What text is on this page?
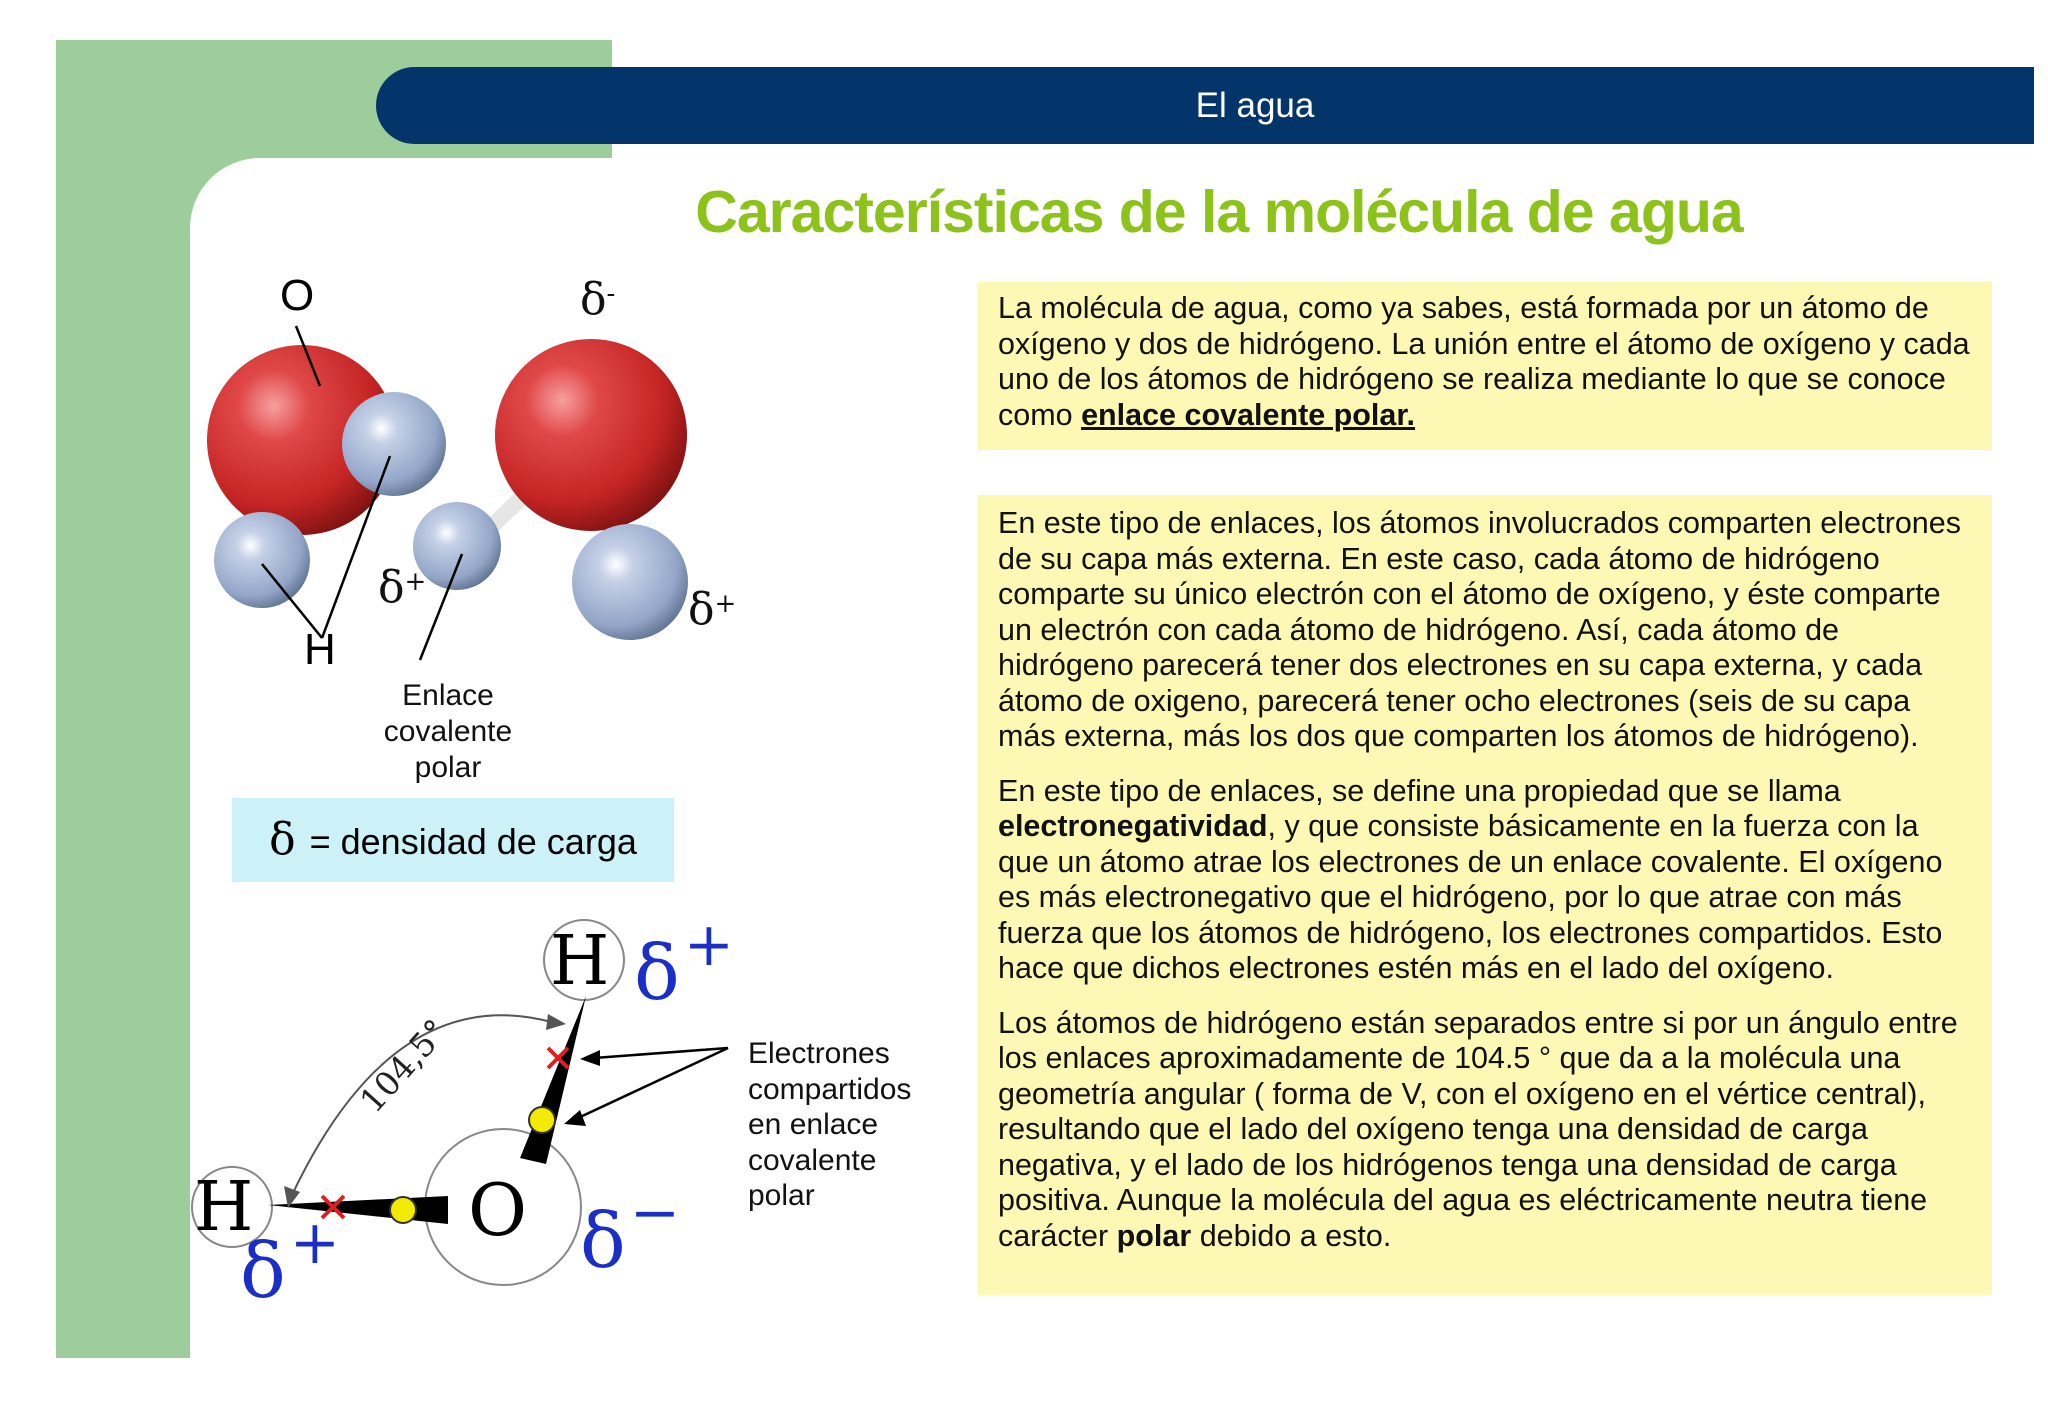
El agua
Características de la molécula de agua
La molécula de agua, como ya sabes, está formada por un átomo de oxígeno y dos de hidrógeno. La unión entre el átomo de oxígeno y cada uno de los átomos de hidrógeno se realiza mediante lo que se conoce como enlace covalente polar.

En este tipo de enlaces, los átomos involucrados comparten electrones de su capa más externa. En este caso, cada átomo de hidrógeno comparte su único electrón con el átomo de oxígeno, y éste comparte un electrón con cada átomo de hidrógeno. Así, cada átomo de hidrógeno parecerá tener dos electrones en su capa externa, y cada átomo de oxigeno, parecerá tener ocho electrones (seis de su capa más externa, más los dos que comparten los átomos de hidrógeno).

En este tipo de enlaces, se define una propiedad que se llama electronegatividad, y que consiste básicamente en la fuerza con la que un átomo atrae los electrones de un enlace covalente. El oxígeno es más electronegativo que el hidrógeno, por lo que atrae con más fuerza que los átomos de hidrógeno, los electrones compartidos. Esto hace que dichos electrones estén más en el lado del oxígeno.

Los átomos de hidrógeno están separados entre si por un ángulo entre los enlaces aproximadamente de 104.5 ° que da a la molécula una geometría angular ( forma de V, con el oxígeno en el vértice central), resultando que el lado del oxígeno tenga una densidad de carga negativa, y el lado de los hidrógenos tenga una densidad de carga positiva. Aunque la molécula del agua es eléctricamente neutra tiene carácter polar debido a esto.

O
H
δ-
δ+
δ+
Enlace
covalente
polar
δ = densidad de carga
H
H
O
104,5°
δ+
δ+	δ−
Electrones
compartidos
en enlace
covalente
polar
